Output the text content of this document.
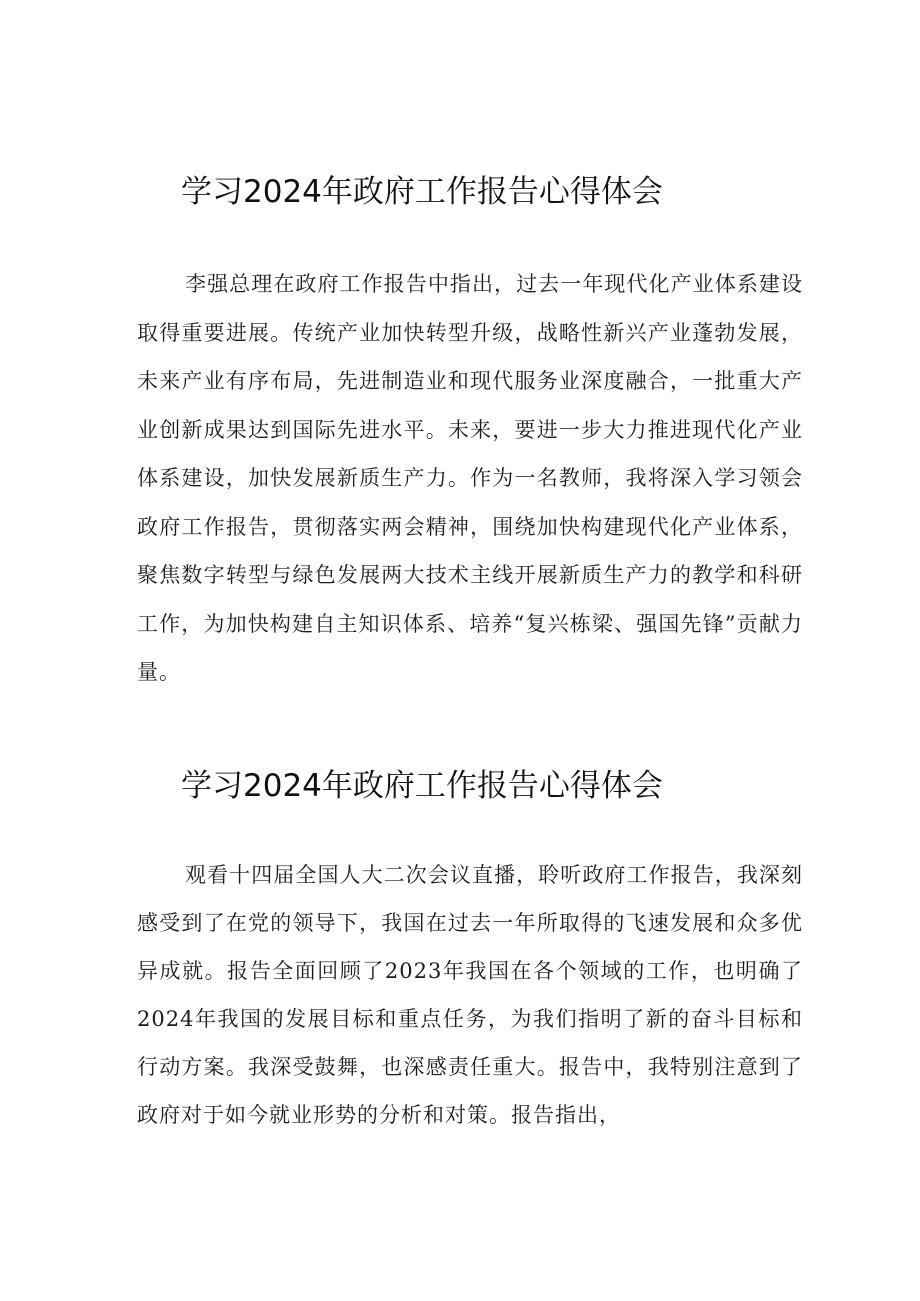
学习2024年政府工作报告心得体会

李强总理在政府工作报告中指出，过去一年现代化产业体系建设取得重要进展。传统产业加快转型升级，战略性新兴产业蓬勃发展，未来产业有序布局，先进制造业和现代服务业深度融合，一批重大产业创新成果达到国际先进水平。未来，要进一步大力推进现代化产业体系建设，加快发展新质生产力。作为一名教师，我将深入学习领会政府工作报告，贯彻落实两会精神，围绕加快构建现代化产业体系，聚焦数字转型与绿色发展两大技术主线开展新质生产力的教学和科研工作，为加快构建自主知识体系、培养“复兴栋梁、强国先锋”贡献力量。

学习2024年政府工作报告心得体会

观看十四届全国人大二次会议直播，聆听政府工作报告，我深刻感受到了在党的领导下，我国在过去一年所取得的飞速发展和众多优异成就。报告全面回顾了2023年我国在各个领域的工作，也明确了2024年我国的发展目标和重点任务，为我们指明了新的奋斗目标和行动方案。我深受鼓舞，也深感责任重大。报告中，我特别注意到了政府对于如今就业形势的分析和对策。报告指出，
